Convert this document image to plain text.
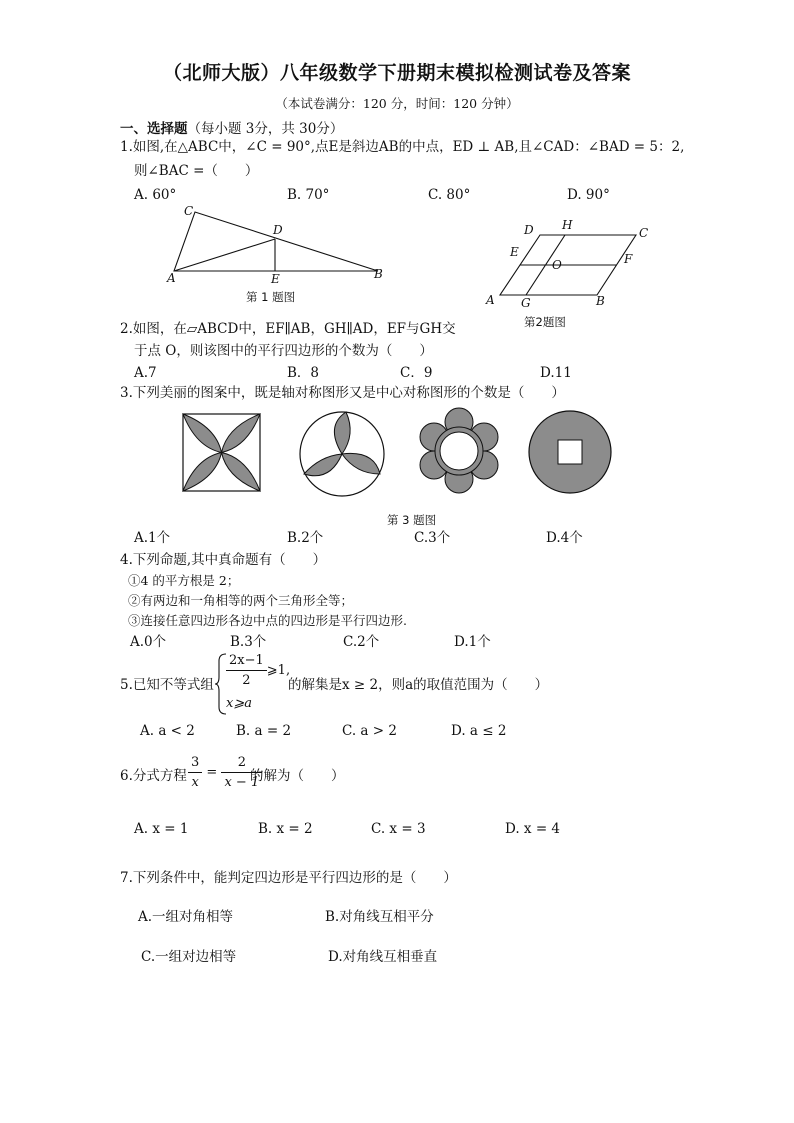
（北师大版）八年级数学下册期末模拟检测试卷及答案
（本试卷满分：120 分，时间：120 分钟）
一、选择题（每小题 3分，共 30分）
1.如图,在△ABC中，∠C = 90°,点E是斜边AB的中点，ED ⊥ AB,且∠CAD：∠BAD = 5：2,
则∠BAC =（　　）
A. 60°	B. 70°	C. 80°	D. 90°
C
D
A	E	B
第 1 题图
D H
C
E
O	F
A G	B
第2题图
2.如图，在▱ABCD中，EF∥AB，GH∥AD，EF与GH交
于点 O，则该图中的平行四边形的个数为（　　）
A.7	B．8	C．9	D.11
3.下列美丽的图案中，既是轴对称图形又是中心对称图形的个数是（　　）
第 3 题图
A.1个	B.2个	C.3个	D.4个
4.下列命题,其中真命题有（　　）
①4 的平方根是 2；
②有两边和一角相等的两个三角形全等；
③连接任意四边形各边中点的四边形是平行四边形.
A.0个	B.3个	C.2个	D.1个
5.已知不等式组 $\frac{2x-1}{2}$ ⩾1,
x⩾a
的解集是x ≥ 2，则a的取值范围为（　　）
A. a < 2	B. a = 2	C. a > 2	D. a ≤ 2
6.分式方程 $\frac{3}{x} = \frac{2}{x - 1}$
的解为（　　）
A. x = 1	B. x = 2	C. x = 3	D. x = 4
7.下列条件中，能判定四边形是平行四边形的是（　　）
A.一组对角相等	B.对角线互相平分
C.一组对边相等	D.对角线互相垂直
